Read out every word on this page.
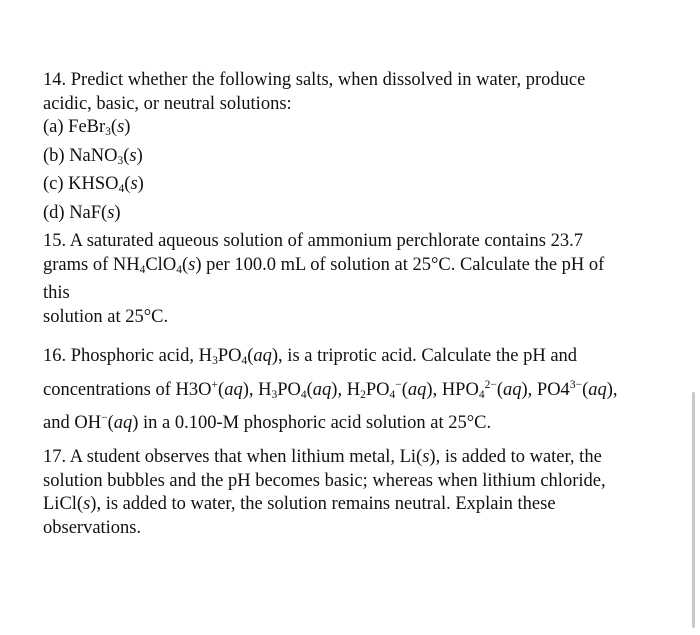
14. Predict whether the following salts, when dissolved in water, produce
acidic, basic, or neutral solutions:
(a) FeBr$_3$(s)
(b) NaNO$_3$(s)
(c) $KHSO_4(s)$
(d) NaF(s)
15. A saturated aqueous solution of ammonium perchlorate contains 23.7
grams of $NH_4ClO_4(s)$ per 100.0 mL of solution at 25°C. Calculate the pH of
this
solution at 25°C.
16. Phosphoric acid, $H_3PO_4(aq)$, is a triprotic acid. Calculate the pH and
concentrations of H3O+(aq), $H_3PO_4(aq)$, $H_2PO_4^-(aq)$, $HPO_4^{2-}(aq)$, $PO4^{3-}(aq)$,
and OH−(aq) in a 0.100-M phosphoric acid solution at 25°C.
17. A student observes that when lithium metal, Li(s), is added to water, the
solution bubbles and the pH becomes basic; whereas when lithium chloride,
LiCl(s), is added to water, the solution remains neutral. Explain these
observations.
